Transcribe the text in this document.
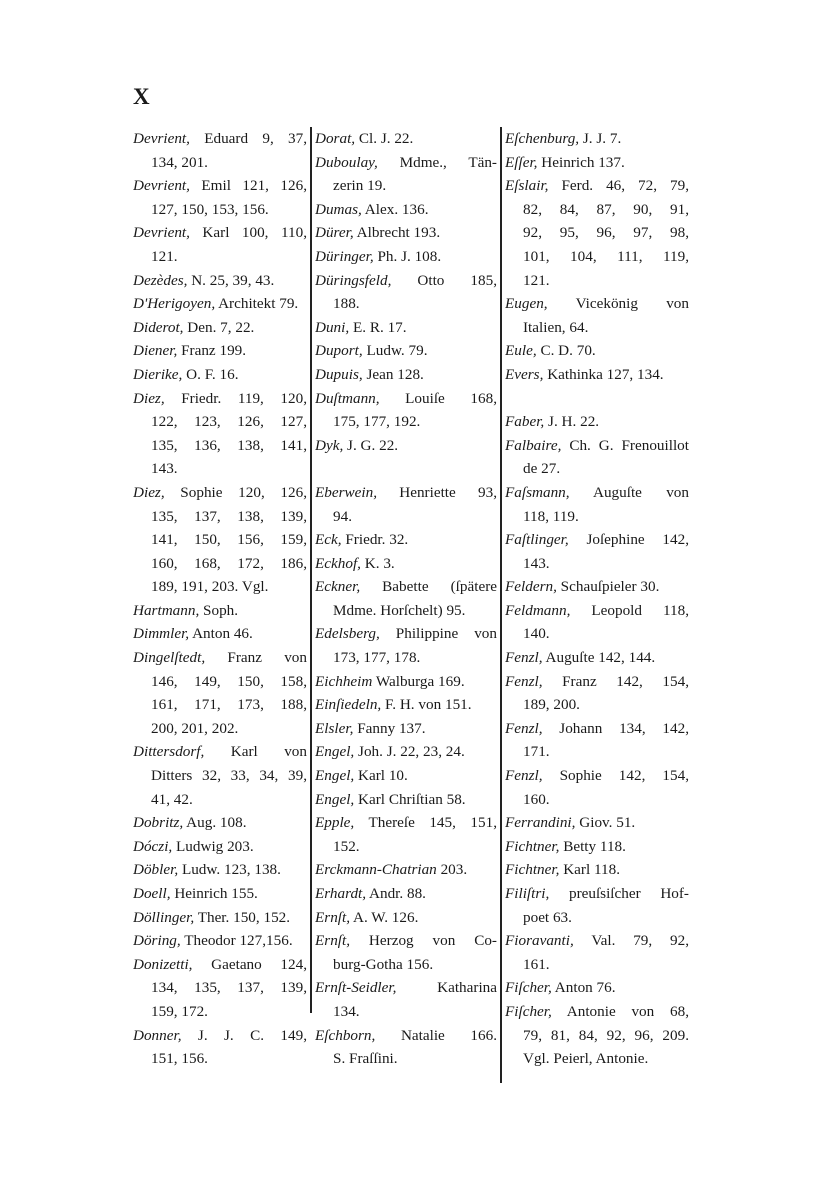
X
Devrient, Eduard 9, 37,
134, 201.
Devrient, Emil 121, 126,
127, 150, 153, 156.
Devrient, Karl 100, 110,
121.
Dezèdes, N. 25, 39, 43.
D'Herigoyen, Architekt 79.
Diderot, Den. 7, 22.
Diener, Franz 199.
Dierike, O. F. 16.
Diez, Friedr. 119, 120,
122, 123, 126, 127,
135, 136, 138, 141,
143.
Diez, Sophie 120, 126,
135, 137, 138, 139,
141, 150, 156, 159,
160, 168, 172, 186,
189, 191, 203. Vgl.
Hartmann, Soph.
Dimmler, Anton 46.
Dingelſtedt, Franz von
146, 149, 150, 158,
161, 171, 173, 188,
200, 201, 202.
Dittersdorf, Karl von
Ditters 32, 33, 34, 39,
41, 42.
Dobritz, Aug. 108.
Dóczi, Ludwig 203.
Döbler, Ludw. 123, 138.
Doell, Heinrich 155.
Döllinger, Ther. 150, 152.
Döring, Theodor 127,156.
Donizetti, Gaetano 124,
134, 135, 137, 139,
159, 172.
Donner, J. J. C. 149,
151, 156.
Dorat, Cl. J. 22.
Duboulay, Mdme., Tän-
zerin 19.
Dumas, Alex. 136.
Dürer, Albrecht 193.
Düringer, Ph. J. 108.
Düringsfeld, Otto 185,
188.
Duni, E. R. 17.
Duport, Ludw. 79.
Dupuis, Jean 128.
Duſtmann, Louiſe 168,
175, 177, 192.
Dyk, J. G. 22.
Eberwein, Henriette 93,
94.
Eck, Friedr. 32.
Eckhof, K. 3.
Eckner, Babette (ſpätere
Mdme. Horſchelt) 95.
Edelsberg, Philippine von
173, 177, 178.
Eichheim Walburga 169.
Einſiedeln, F. H. von 151.
Elsler, Fanny 137.
Engel, Joh. J. 22, 23, 24.
Engel, Karl 10.
Engel, Karl Chriſtian 58.
Epple, Thereſe 145, 151,
152.
Erckmann-Chatrian 203.
Erhardt, Andr. 88.
Ernſt, A. W. 126.
Ernſt, Herzog von Co-
burg-Gotha 156.
Ernſt-Seidler, Katharina
134.
Eſchborn, Natalie 166.
S. Fraſſini.
Eſchenburg, J. J. 7.
Eſſer, Heinrich 137.
Eſslair, Ferd. 46, 72, 79,
82, 84, 87, 90, 91,
92, 95, 96, 97, 98,
101, 104, 111, 119,
121.
Eugen, Vicekönig von
Italien, 64.
Eule, C. D. 70.
Evers, Kathinka 127, 134.
Faber, J. H. 22.
Falbaire, Ch. G. Frenouillot
de 27.
Faſsmann, Auguſte von
118, 119.
Faſtlinger, Joſephine 142,
143.
Feldern, Schauſpieler 30.
Feldmann, Leopold 118,
140.
Fenzl, Auguſte 142, 144.
Fenzl, Franz 142, 154,
189, 200.
Fenzl, Johann 134, 142,
171.
Fenzl, Sophie 142, 154,
160.
Ferrandini, Giov. 51.
Fichtner, Betty 118.
Fichtner, Karl 118.
Filiſtri, preuſsiſcher Hof-
poet 63.
Fioravanti, Val. 79, 92,
161.
Fiſcher, Anton 76.
Fiſcher, Antonie von 68,
79, 81, 84, 92, 96, 209.
Vgl. Peierl, Antonie.
